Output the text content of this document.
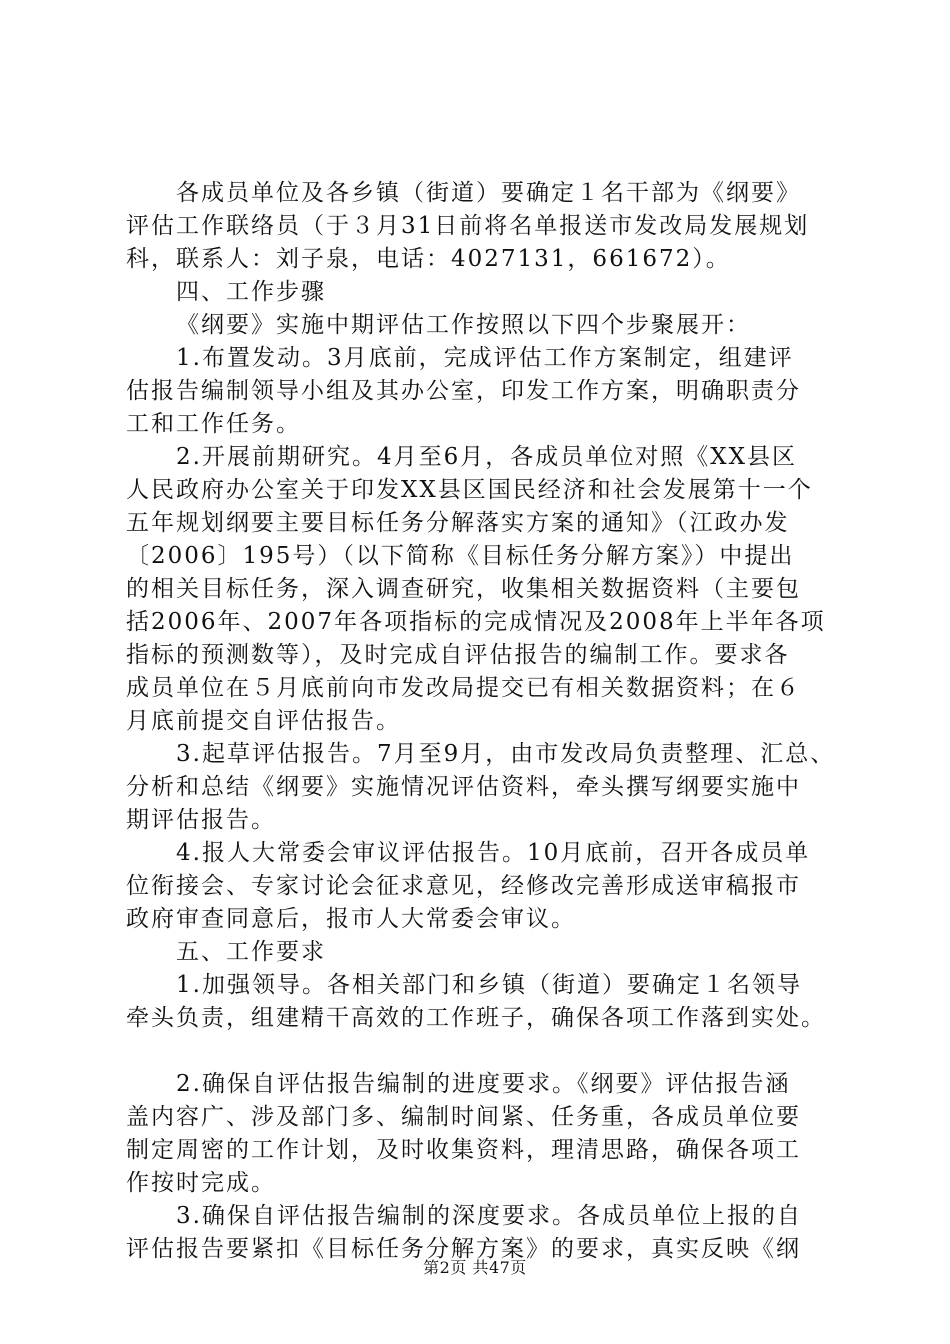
各成员单位及各乡镇（街道）要确定１名干部为《纲要》
评估工作联络员（于３月31日前将名单报送市发改局发展规划
科，联系人：刘子泉，电话：4027131，661672）。
四、工作步骤
《纲要》实施中期评估工作按照以下四个步聚展开：
1.布置发动。3月底前，完成评估工作方案制定，组建评
估报告编制领导小组及其办公室，印发工作方案，明确职责分
工和工作任务。
2.开展前期研究。4月至6月，各成员单位对照《XX县区
人民政府办公室关于印发XX县区国民经济和社会发展第十一个
五年规划纲要主要目标任务分解落实方案的通知》（江政办发
〔2006〕195号）（以下简称《目标任务分解方案》）中提出
的相关目标任务，深入调查研究，收集相关数据资料（主要包
括2006年、2007年各项指标的完成情况及2008年上半年各项
指标的预测数等），及时完成自评估报告的编制工作。要求各
成员单位在５月底前向市发改局提交已有相关数据资料；在６
月底前提交自评估报告。
3.起草评估报告。7月至9月，由市发改局负责整理、汇总、
分析和总结《纲要》实施情况评估资料，牵头撰写纲要实施中
期评估报告。
4.报人大常委会审议评估报告。10月底前，召开各成员单
位衔接会、专家讨论会征求意见，经修改完善形成送审稿报市
政府审查同意后，报市人大常委会审议。
五、工作要求
1.加强领导。各相关部门和乡镇（街道）要确定１名领导
牵头负责，组建精干高效的工作班子，确保各项工作落到实处。
2.确保自评估报告编制的进度要求。《纲要》评估报告涵
盖内容广、涉及部门多、编制时间紧、任务重，各成员单位要
制定周密的工作计划，及时收集资料，理清思路，确保各项工
作按时完成。
3.确保自评估报告编制的深度要求。各成员单位上报的自
评估报告要紧扣《目标任务分解方案》的要求，真实反映《纲
第2页 共47页
